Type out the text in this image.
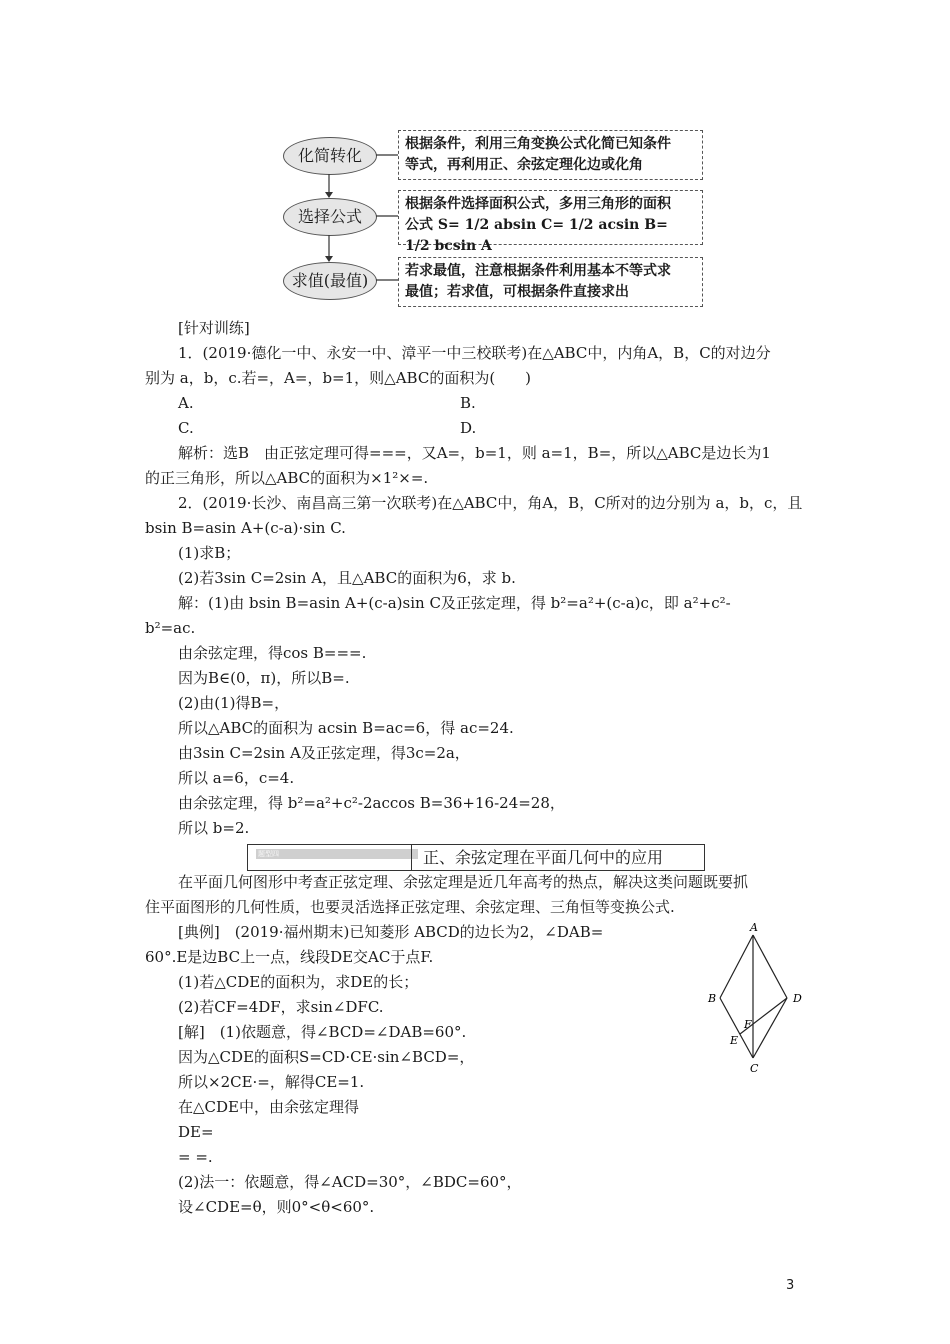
化简转化
选择公式
求值(最值)
根据条件，利用三角变换公式化简已知条件
等式，再利用正、余弦定理化边或化角
根据条件选择面积公式，多用三角形的面积
公式 S= 1/2 absin C= 1/2 acsin B= 1/2 bcsin A
若求最值，注意根据条件利用基本不等式求
最值；若求值，可根据条件直接求出
[针对训练]
1．(2019·德化一中、永安一中、漳平一中三校联考)在△ABC中，内角A，B，C的对边分
别为 a，b，c.若=，A=，b=1，则△ABC的面积为(　　)
A.	B.
C.	D.
解析：选B　由正弦定理可得===，又A=，b=1，则 a=1，B=，所以△ABC是边长为1
的正三角形，所以△ABC的面积为×1²×=.
2．(2019·长沙、南昌高三第一次联考)在△ABC中，角A，B，C所对的边分别为 a，b，c，且
bsin B=asin A+(c-a)·sin C.
(1)求B；
(2)若3sin C=2sin A，且△ABC的面积为6，求 b.
解：(1)由 bsin B=asin A+(c-a)sin C及正弦定理，得 b²=a²+(c-a)c，即 a²+c²-
b²=ac.
由余弦定理，得cos B===.
因为B∈(0，π)，所以B=.
(2)由(1)得B=，
所以△ABC的面积为 acsin B=ac=6，得 ac=24.
由3sin C=2sin A及正弦定理，得3c=2a，
所以 a=6，c=4.
由余弦定理，得 b²=a²+c²-2accos B=36+16-24=28，
所以 b=2.
题型四	正、余弦定理在平面几何中的应用
在平面几何图形中考查正弦定理、余弦定理是近几年高考的热点，解决这类问题既要抓
住平面图形的几何性质，也要灵活选择正弦定理、余弦定理、三角恒等变换公式.
[典例]　(2019·福州期末)已知菱形 ABCD的边长为2，∠DAB=
60°.E是边BC上一点，线段DE交AC于点F.
(1)若△CDE的面积为，求DE的长；
(2)若CF=4DF，求sin∠DFC.
[解]　(1)依题意，得∠BCD=∠DAB=60°.
因为△CDE的面积S=CD·CE·sin∠BCD=，
所以×2CE·=，解得CE=1.
在△CDE中，由余弦定理得
DE=
= =.
(2)法一：依题意，得∠ACD=30°，∠BDC=60°，
设∠CDE=θ，则0°<θ<60°.
A
B
C
D
E
F
3
